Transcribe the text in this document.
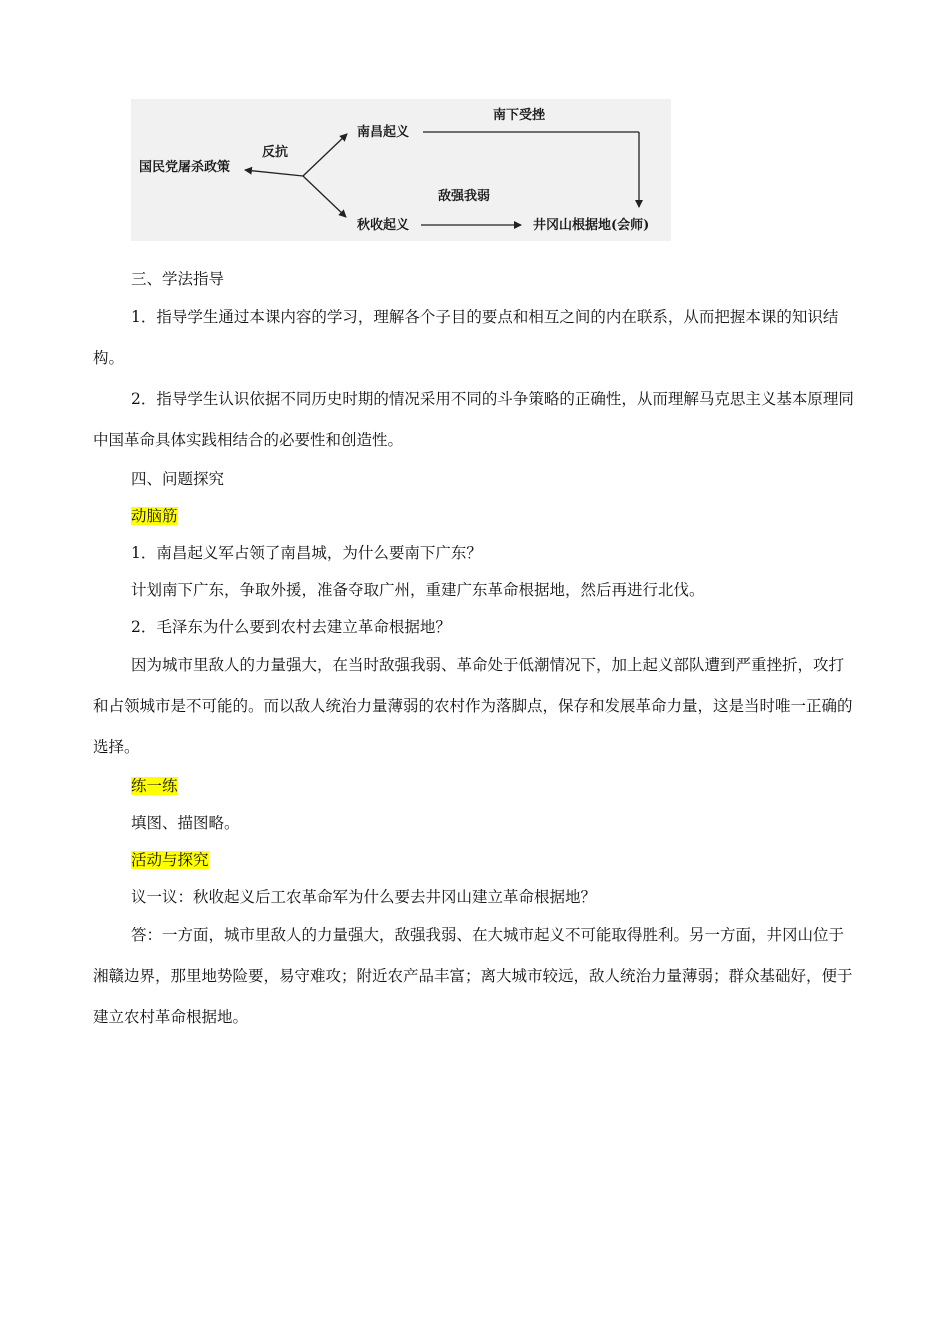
国民党屠杀政策
反抗
南昌起义
南下受挫
敌强我弱
秋收起义	井冈山根据地(会师)

三、学法指导

1．指导学生通过本课内容的学习，理解各个子目的要点和相互之间的内在联系，从而把握本课的知识结构。

2．指导学生认识依据不同历史时期的情况采用不同的斗争策略的正确性，从而理解马克思主义基本原理同中国革命具体实践相结合的必要性和创造性。

四、问题探究

动脑筋

1．南昌起义军占领了南昌城，为什么要南下广东？

计划南下广东，争取外援，准备夺取广州，重建广东革命根据地，然后再进行北伐。

2．毛泽东为什么要到农村去建立革命根据地？

因为城市里敌人的力量强大，在当时敌强我弱、革命处于低潮情况下，加上起义部队遭到严重挫折，攻打和占领城市是不可能的。而以敌人统治力量薄弱的农村作为落脚点，保存和发展革命力量，这是当时唯一正确的选择。

练一练

填图、描图略。

活动与探究

议一议：秋收起义后工农革命军为什么要去井冈山建立革命根据地？

答：一方面，城市里敌人的力量强大，敌强我弱、在大城市起义不可能取得胜利。另一方面，井冈山位于湘赣边界，那里地势险要，易守难攻；附近农产品丰富；离大城市较远，敌人统治力量薄弱；群众基础好，便于建立农村革命根据地。
